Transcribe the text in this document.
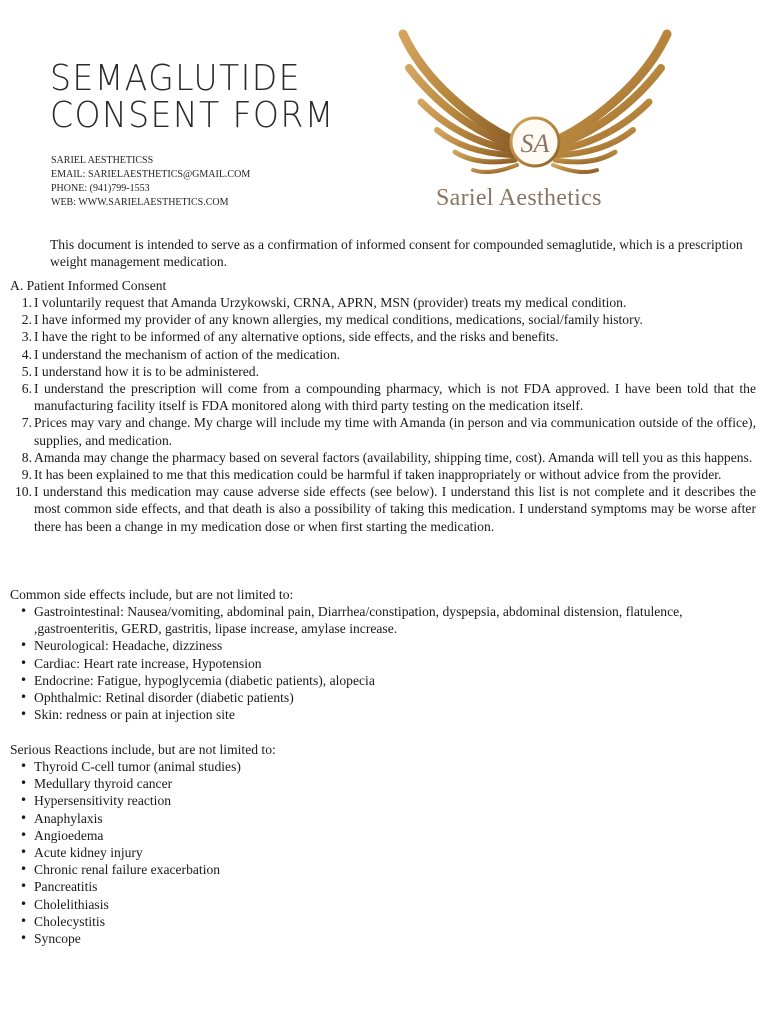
SEMAGLUTIDE
CONSENT FORM
SARIEL AESTHETICSS
EMAIL: SARIELAESTHETICS@GMAIL.COM
PHONE: (941)799-1553
WEB: WWW.SARIELAESTHETICS.COM
SA
Sariel Aesthetics
This document is intended to serve as a confirmation of informed consent for compounded semaglutide, which is a prescription weight management medication.
A. Patient Informed Consent
1. I voluntarily request that Amanda Urzykowski, CRNA, APRN, MSN (provider) treats my medical condition.
2. I have informed my provider of any known allergies, my medical conditions, medications, social/family history.
3. I have the right to be informed of any alternative options, side effects, and the risks and benefits.
4. I understand the mechanism of action of the medication.
5. I understand how it is to be administered.
6. I understand the prescription will come from a compounding pharmacy, which is not FDA approved. I have been told that the manufacturing facility itself is FDA monitored along with third party testing on the medication itself.
7. Prices may vary and change. My charge will include my time with Amanda (in person and via communication outside of the office), supplies, and medication.
8. Amanda may change the pharmacy based on several factors (availability, shipping time, cost). Amanda will tell you as this happens.
9. It has been explained to me that this medication could be harmful if taken inappropriately or without advice from the provider.
10. I understand this medication may cause adverse side effects (see below). I understand this list is not complete and it describes the most common side effects, and that death is also a possibility of taking this medication. I understand symptoms may be worse after there has been a change in my medication dose or when first starting the medication.
Common side effects include, but are not limited to:
• Gastrointestinal: Nausea/vomiting, abdominal pain, Diarrhea/constipation, dyspepsia, abdominal distension, flatulence, ,gastroenteritis, GERD, gastritis, lipase increase, amylase increase.
• Neurological: Headache, dizziness
• Cardiac: Heart rate increase, Hypotension
• Endocrine: Fatigue, hypoglycemia (diabetic patients), alopecia
• Ophthalmic: Retinal disorder (diabetic patients)
• Skin: redness or pain at injection site
Serious Reactions include, but are not limited to:
• Thyroid C-cell tumor (animal studies)
• Medullary thyroid cancer
• Hypersensitivity reaction
• Anaphylaxis
• Angioedema
• Acute kidney injury
• Chronic renal failure exacerbation
• Pancreatitis
• Cholelithiasis
• Cholecystitis
• Syncope
